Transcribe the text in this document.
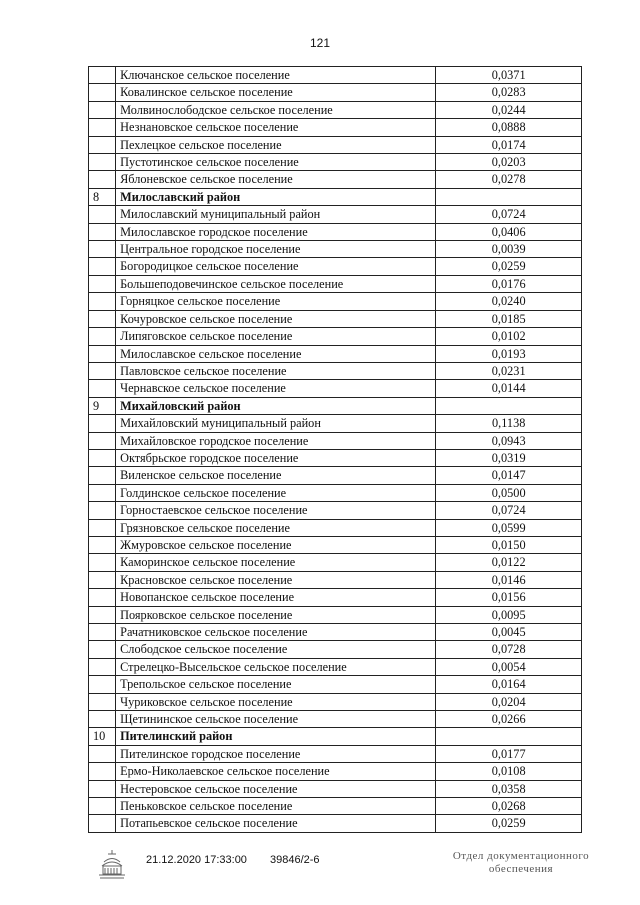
121
	Ключанское сельское поселение	0,0371
	Ковалинское сельское поселение	0,0283
	Молвинослободское сельское поселение	0,0244
	Незнановское сельское поселение	0,0888
	Пехлецкое сельское поселение	0,0174
	Пустотинское сельское поселение	0,0203
	Яблоневское сельское поселение	0,0278
8	Милославский район	
	Милославский муниципальный район	0,0724
	Милославское городское поселение	0,0406
	Центральное городское поселение	0,0039
	Богородицкое сельское поселение	0,0259
	Большеподовечинское сельское поселение	0,0176
	Горняцкое сельское поселение	0,0240
	Кочуровское сельское поселение	0,0185
	Липяговское сельское поселение	0,0102
	Милославское сельское поселение	0,0193
	Павловское сельское поселение	0,0231
	Чернавское сельское поселение	0,0144
9	Михайловский район	
	Михайловский муниципальный район	0,1138
	Михайловское городское поселение	0,0943
	Октябрьское городское поселение	0,0319
	Виленское сельское поселение	0,0147
	Голдинское сельское поселение	0,0500
	Горностаевское сельское поселение	0,0724
	Грязновское сельское поселение	0,0599
	Жмуровское сельское поселение	0,0150
	Каморинское сельское поселение	0,0122
	Красновское сельское поселение	0,0146
	Новопанское сельское поселение	0,0156
	Поярковское сельское поселение	0,0095
	Рачатниковское сельское поселение	0,0045
	Слободское сельское поселение	0,0728
	Стрелецко-Высельское сельское поселение	0,0054
	Трепольское сельское поселение	0,0164
	Чуриковское сельское поселение	0,0204
	Щетининское сельское поселение	0,0266
10	Пителинский район	
	Пителинское городское поселение	0,0177
	Ермо-Николаевское сельское поселение	0,0108
	Нестеровское сельское поселение	0,0358
	Пеньковское сельское поселение	0,0268
	Потапьевское сельское поселение	0,0259
21.12.2020 17:33:00 39846/2-6	Отдел документационного
обеспечения
